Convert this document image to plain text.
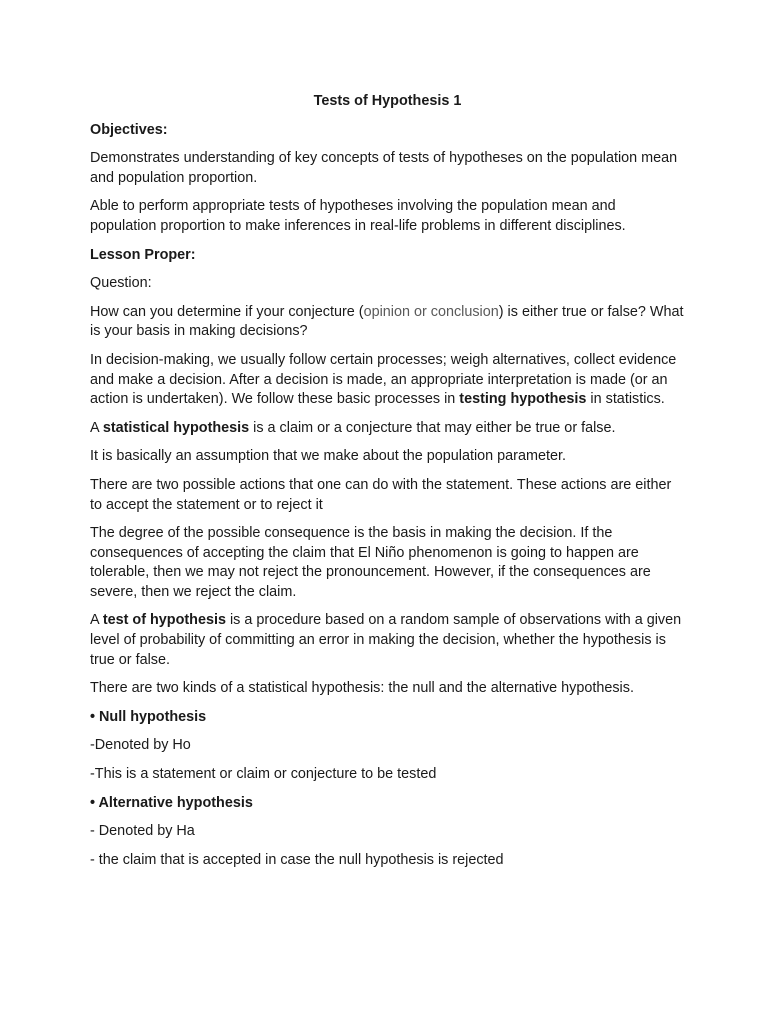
Tests of Hypothesis 1
Objectives:
Demonstrates understanding of key concepts of tests of hypotheses on the population mean and population proportion.
Able to perform appropriate tests of hypotheses involving the population mean and population proportion to make inferences in real-life problems in different disciplines.
Lesson Proper:
Question:
How can you determine if your conjecture (opinion or conclusion) is either true or false? What is your basis in making decisions?
In decision-making, we usually follow certain processes; weigh alternatives, collect evidence and make a decision. After a decision is made, an appropriate interpretation is made (or an action is undertaken). We follow these basic processes in testing hypothesis in statistics.
A statistical hypothesis is a claim or a conjecture that may either be true or false.
It is basically an assumption that we make about the population parameter.
There are two possible actions that one can do with the statement. These actions are either to accept the statement or to reject it
The degree of the possible consequence is the basis in making the decision. If the consequences of accepting the claim that El Niño phenomenon is going to happen are tolerable, then we may not reject the pronouncement. However, if the consequences are severe, then we reject the claim.
A test of hypothesis is a procedure based on a random sample of observations with a given level of probability of committing an error in making the decision, whether the hypothesis is true or false.
There are two kinds of a statistical hypothesis: the null and the alternative hypothesis.
• Null hypothesis
-Denoted by Ho
-This is a statement or claim or conjecture to be tested
• Alternative hypothesis
- Denoted by Ha
- the claim that is accepted in case the null hypothesis is rejected
